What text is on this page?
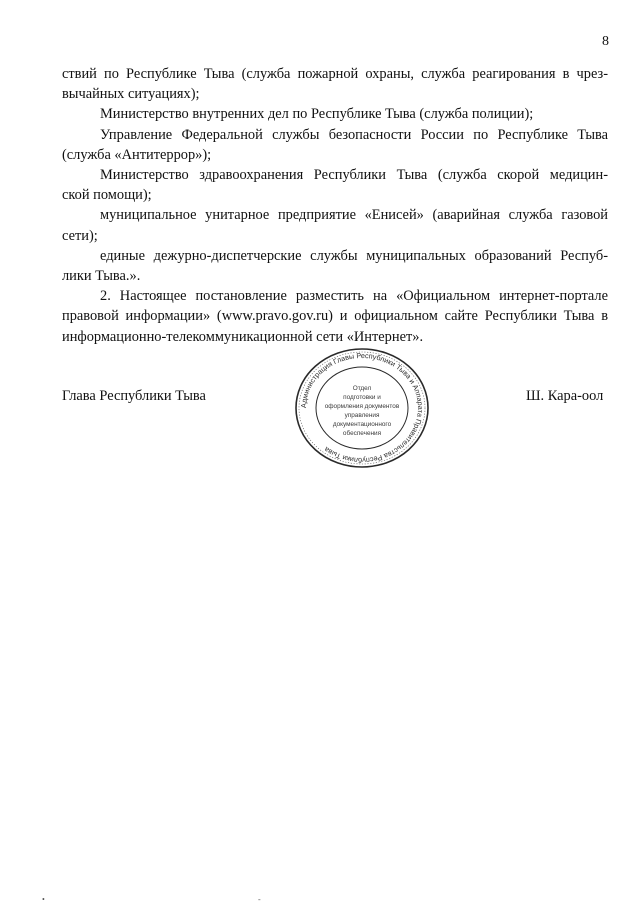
8
ствий по Республике Тыва (служба пожарной охраны, служба реагирования в чрез-
вычайных ситуациях);
Министерство внутренних дел по Республике Тыва (служба полиции);
Управление Федеральной службы безопасности России по Республике Тыва
(служба «Антитеррор»);
Министерство здравоохранения Республики Тыва (служба скорой медицин-
ской помощи);
муниципальное унитарное предприятие «Енисей» (аварийная служба газовой
сети);
единые дежурно-диспетчерские службы муниципальных образований Респуб-
лики Тыва.».
2. Настоящее постановление разместить на «Официальном интернет-портале
правовой информации» (www.pravo.gov.ru) и официальном сайте Республики Тыва в
информационно-телекоммуникационной сети «Интернет».
Глава Республики Тыва	Ш. Кара-оол
Администрация Главы Республики Тыва и Аппарата Правительства Республики Тыва
Отдел
подготовки и
оформления документов
управления
документационного
обеспечения
•	-
